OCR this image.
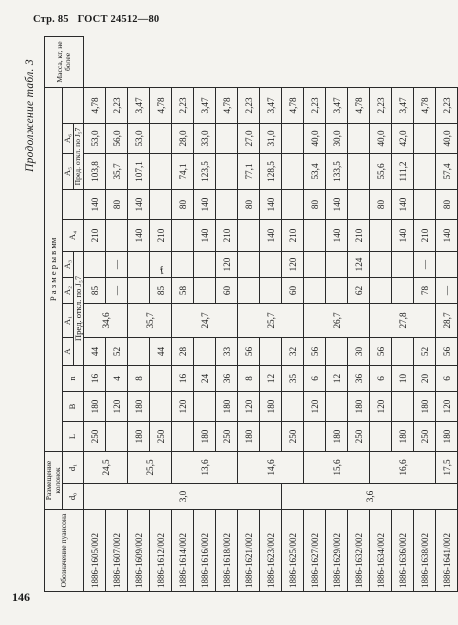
Стр. 85 ГОСТ 24512—80
f
146
Продолжение табл. 3
Обозначение пуансона	Размещение колонок		Р а з м е р ы в мм												Масса, кг, не более

	d₀	d₁	L	B	n	A	A₁	A₂	A₃	A₄		A₅	A₆		
						Пред. откл. по J₅7						Пред. откл. по J₅7			

1886-1605/002	3,0	24,5	250	180	16	44	34,6	85		210	140	103,8	53,0	4,78	
1886-1607/002				120	4	52		—	—		80	35,7	56,0	2,23	
1886-1609/002		25,5	180	180	8		35,7			140	140	107,1	53,0	3,47	
1886-1612/002			250			44		85		210				4,78	
1886-1614/002		13,6		120	16	28	24,7	58			80	74,1	28,0	2,23	
1886-1616/002			180		24					140	140	123,5	33,0	3,47	
1886-1618/002			250	180	36	33		60	120	210				4,78	
1886-1621/002		14,6	180	120	8	56	25,7				80	77,1	27,0	2,23	
1886-1623/002				180	12					140	140	128,5	31,0	3,47	
1886-1625/002	3,6		250		35	32		60	120	210				4,78	
1886-1627/002		15,6		120	6	56	26,7				80	53,4	40,0	2,23	
1886-1629/002			180		12					140	140	133,5	30,0	3,47	
1886-1632/002			250	180	36	30		62	124	210				4,78	
1886-1634/002		16,6		120	6	56	27,8				80	55,6	40,0	2,23	
1886-1636/002			180		10					140	140	111,2	42,0	3,47	
1886-1638/002			250	180	20	52		78	—	210				4,78	
1886-1641/002		17,5	180	120	6	56	28,7	—		140	80	57,4	40,0	2,23	
